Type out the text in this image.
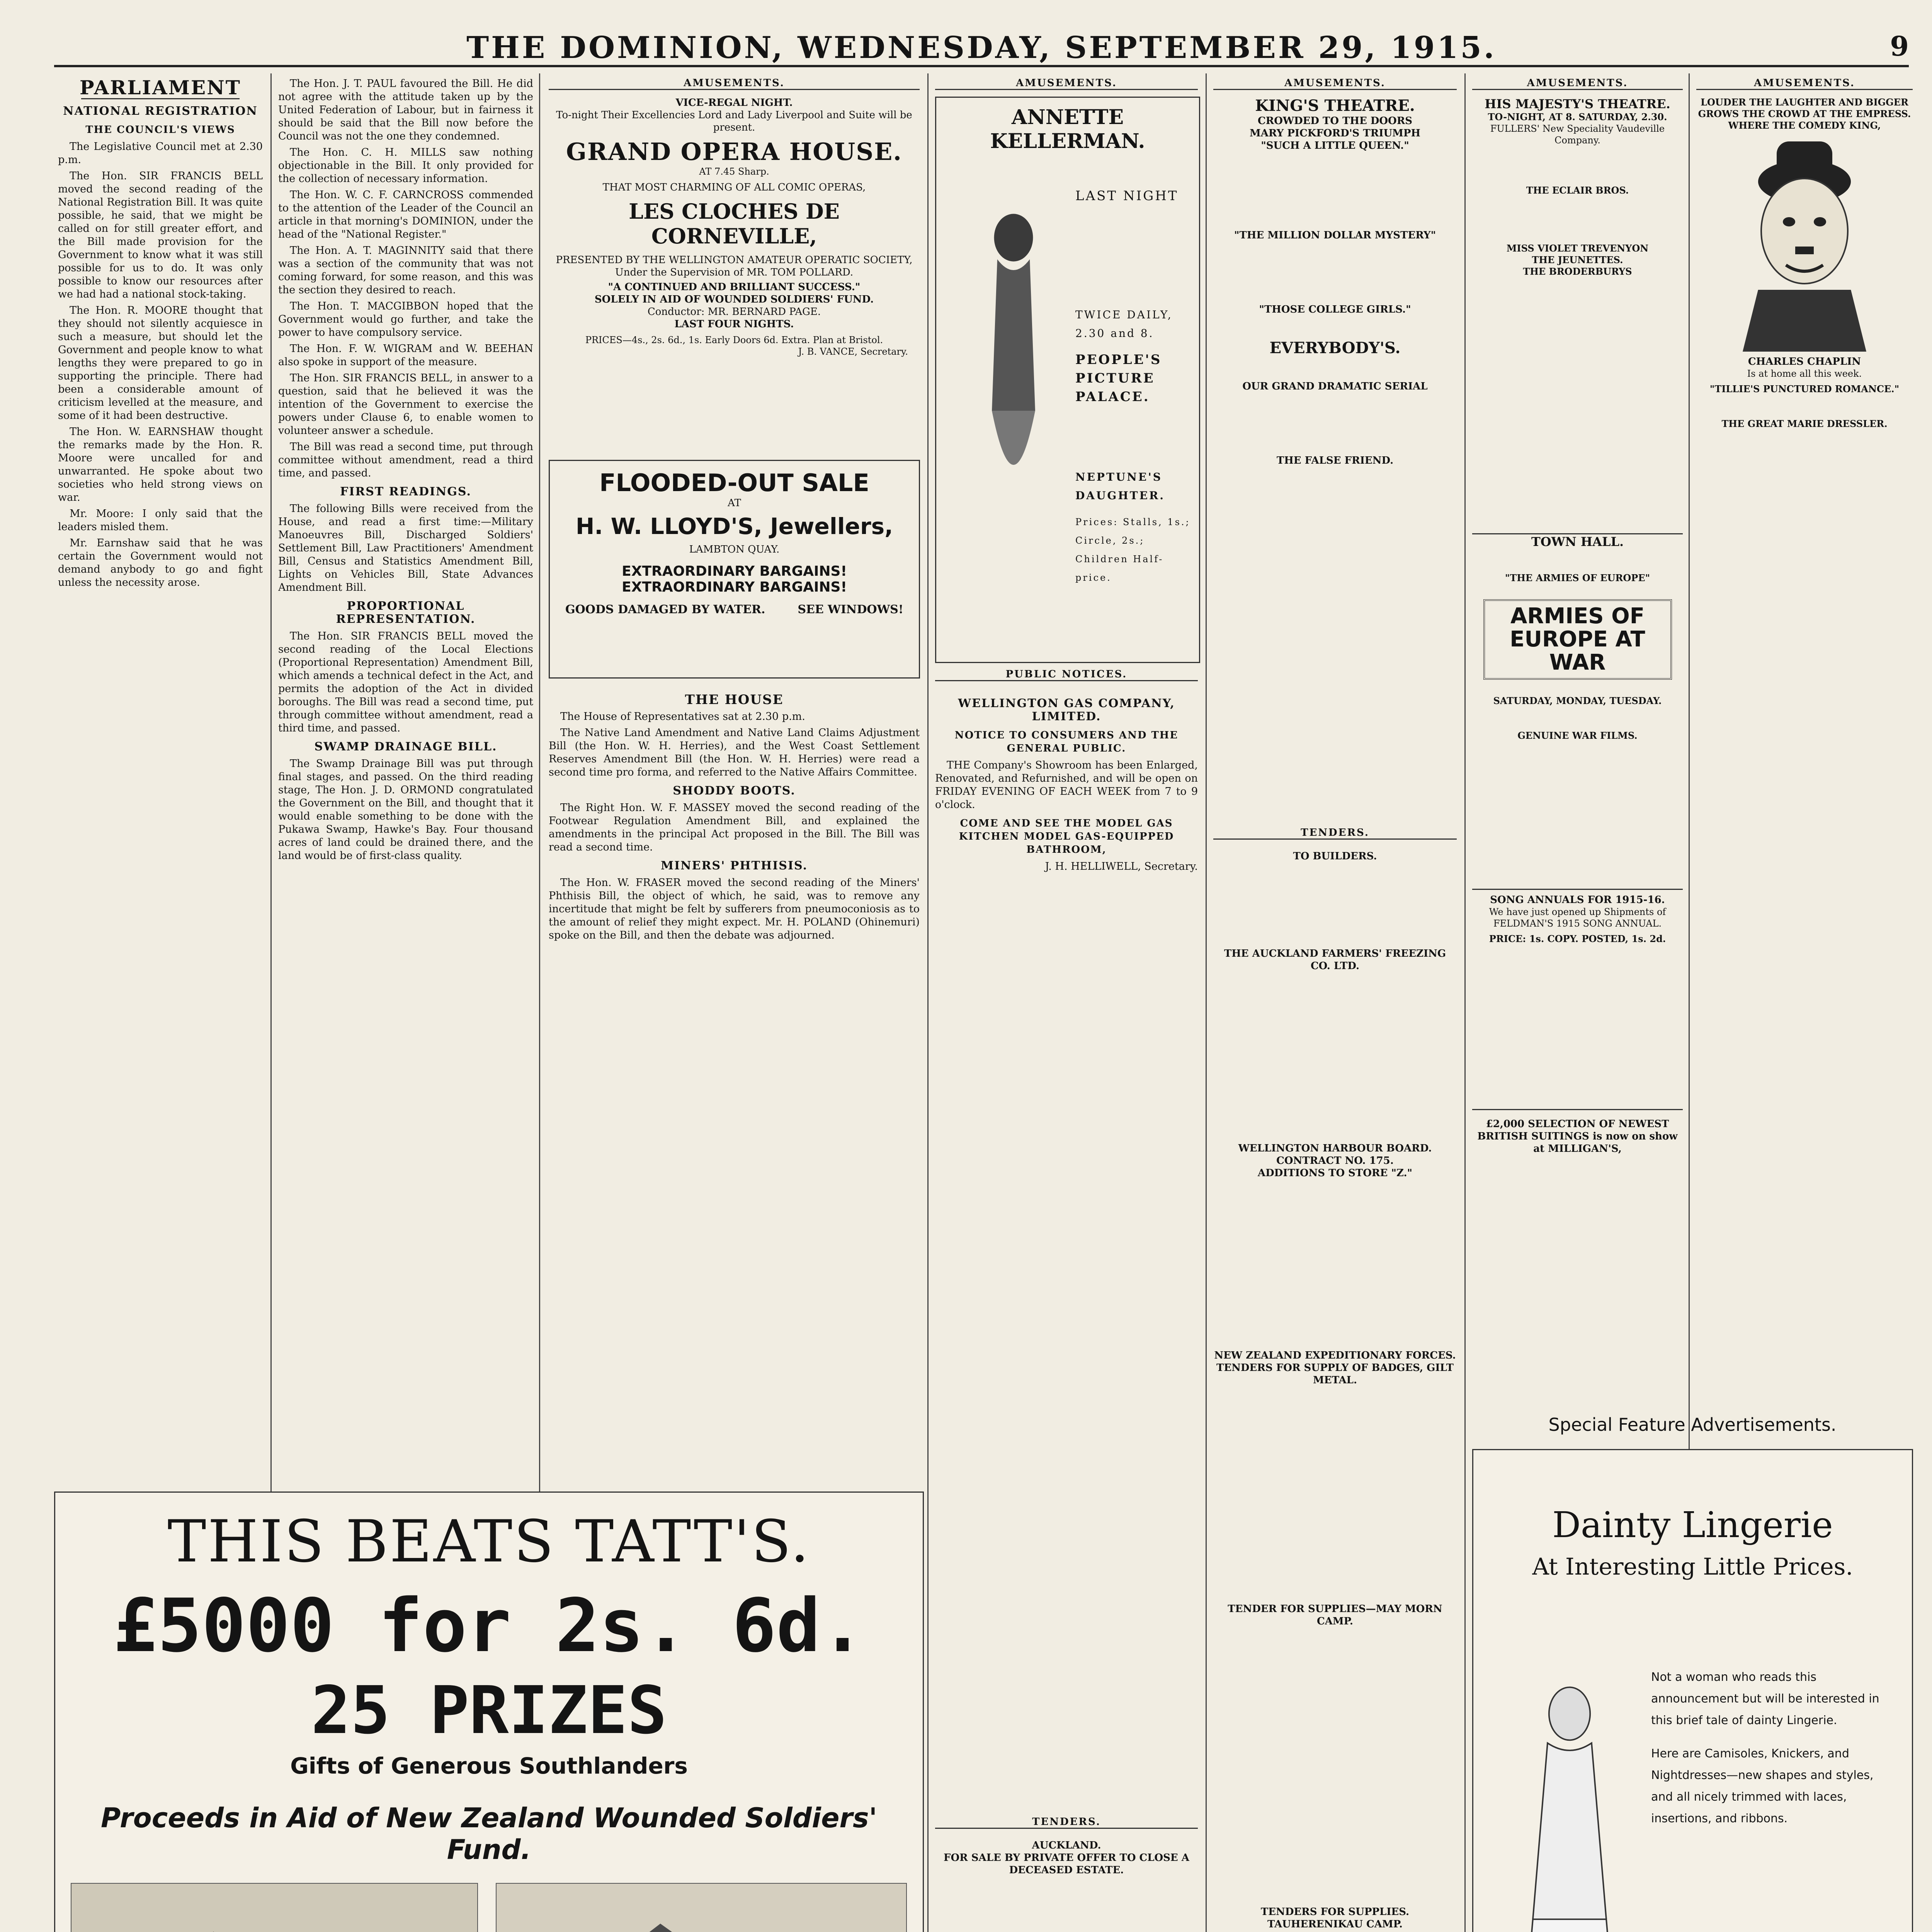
THE DOMINION, WEDNESDAY, SEPTEMBER 29, 1915.	9
PARLIAMENT
NATIONAL REGISTRATION
THE COUNCIL'S VIEWS

The Legislative Council met at 2.30 p.m.

The Hon. SIR FRANCIS BELL moved the second reading of the National Registration Bill. It was quite possible, he said, that we might be called on for still greater effort, and the Bill made provision for the Government to know what it was still possible for us to do. It was only possible to know our resources after we had had a national stock-taking.

The Hon. R. MOORE thought that they should not silently acquiesce in such a measure, but should let the Government and people know to what lengths they were prepared to go in supporting the principle. There had been a considerable amount of criticism levelled at the measure, and some of it had been destructive.

The Hon. W. EARNSHAW thought the remarks made by the Hon. R. Moore were uncalled for and unwarranted. He spoke about two societies who held strong views on war.

Mr. Moore: I only said that the leaders misled them.

Mr. Earnshaw said that he was certain the Government would not demand anybody to go and fight unless the necessity arose.

The Hon. J. T. PAUL favoured the Bill. He did not agree with the attitude taken up by the United Federation of Labour, but in fairness it should be said that the Bill now before the Council was not the one they condemned.

The Hon. C. H. MILLS saw nothing objectionable in the Bill. It only provided for the collection of necessary information.

The Hon. W. C. F. CARNCROSS commended to the attention of the Leader of the Council an article in that morning's DOMINION, under the head of the "National Register."

The Hon. A. T. MAGINNITY said that there was a section of the community that was not coming forward, for some reason, and this was the section they desired to reach.

The Hon. T. MACGIBBON hoped that the Government would go further, and take the power to have compulsory service.

The Hon. F. W. WIGRAM and W. BEEHAN also spoke in support of the measure.

The Hon. SIR FRANCIS BELL, in answer to a question, said that he believed it was the intention of the Government to exercise the powers under Clause 6, to enable women to volunteer answer a schedule.

The Bill was read a second time, put through committee without amendment, read a third time, and passed.

FIRST READINGS.

The following Bills were received from the House, and read a first time:—Military Manoeuvres Bill, Discharged Soldiers' Settlement Bill, Law Practitioners' Amendment Bill, Census and Statistics Amendment Bill, Lights on Vehicles Bill, State Advances Amendment Bill.

PROPORTIONAL REPRESENTATION.

The Hon. SIR FRANCIS BELL moved the second reading of the Local Elections (Proportional Representation) Amendment Bill, which amends a technical defect in the Act, and permits the adoption of the Act in divided boroughs. The Bill was read a second time, put through committee without amendment, read a third time, and passed.

SWAMP DRAINAGE BILL.

The Swamp Drainage Bill was put through final stages, and passed. On the third reading stage, The Hon. J. D. ORMOND congratulated the Government on the Bill, and thought that it would enable something to be done with the Pukawa Swamp, Hawke's Bay. Four thousand acres of land could be drained there, and the land would be of first-class quality.

AMUSEMENTS.
VICE-REGAL NIGHT.
To-night Their Excellencies Lord and Lady Liverpool and Suite will be present.
GRAND OPERA HOUSE.
AT 7.45 Sharp.
THAT MOST CHARMING OF ALL COMIC OPERAS,
LES CLOCHES DE CORNEVILLE,
PRESENTED BY THE WELLINGTON AMATEUR OPERATIC SOCIETY, Under the Supervision of MR. TOM POLLARD.
"A CONTINUED AND BRILLIANT SUCCESS."
SOLELY IN AID OF WOUNDED SOLDIERS' FUND.
Conductor: MR. BERNARD PAGE.
LAST FOUR NIGHTS.
PRICES—4s., 2s. 6d., 1s. Early Doors 6d. Extra. Plan at Bristol.
J. B. VANCE, Secretary.
FLOODED-OUT SALE
AT
H. W. LLOYD'S, Jewellers,
LAMBTON QUAY.
EXTRAORDINARY BARGAINS!
EXTRAORDINARY BARGAINS!
GOODS DAMAGED BY WATER.	SEE WINDOWS!
THE HOUSE

The House of Representatives sat at 2.30 p.m.

The Native Land Amendment and Native Land Claims Adjustment Bill (the Hon. W. H. Herries), and the West Coast Settlement Reserves Amendment Bill (the Hon. W. H. Herries) were read a second time pro forma, and referred to the Native Affairs Committee.

SHODDY BOOTS.

The Right Hon. W. F. MASSEY moved the second reading of the Footwear Regulation Amendment Bill, and explained the amendments in the principal Act proposed in the Bill. The Bill was read a second time.

MINERS' PHTHISIS.

The Hon. W. FRASER moved the second reading of the Miners' Phthisis Bill, the object of which, he said, was to remove any incertitude that might be felt by sufferers from pneumoconiosis as to the amount of relief they might expect. Mr. H. POLAND (Ohinemuri) spoke on the Bill, and then the debate was adjourned.

THIS BEATS TATT'S.
£5000 for 2s. 6d.
25 PRIZES
Gifts of Generous Southlanders
Proceeds in Aid of New Zealand Wounded Soldiers' Fund.
AMUSEMENTS.
ANNETTE KELLERMAN.
LAST NIGHT
TWICE DAILY, 2.30 and 8.
PEOPLE'S PICTURE PALACE.
NEPTUNE'S DAUGHTER.
Prices: Stalls, 1s.; Circle, 2s.; Children Half-price.
PUBLIC NOTICES.
WELLINGTON GAS COMPANY, LIMITED.
NOTICE TO CONSUMERS AND THE GENERAL PUBLIC.

THE Company's Showroom has been Enlarged, Renovated, and Refurnished, and will be open on FRIDAY EVENING OF EACH WEEK from 7 to 9 o'clock.

COME AND SEE THE MODEL GAS KITCHEN MODEL GAS-EQUIPPED BATHROOM,

J. H. HELLIWELL, Secretary.

TENDERS.
AUCKLAND.
FOR SALE BY PRIVATE OFFER TO CLOSE A DECEASED ESTATE.
AMUSEMENTS.
KING'S THEATRE.
CROWDED TO THE DOORS
MARY PICKFORD'S TRIUMPH
"SUCH A LITTLE QUEEN."
"THE MILLION DOLLAR MYSTERY"
"THOSE COLLEGE GIRLS."
EVERYBODY'S.
OUR GRAND DRAMATIC SERIAL
THE FALSE FRIEND.
TENDERS.
TO BUILDERS.
THE AUCKLAND FARMERS' FREEZING CO. LTD.
WELLINGTON HARBOUR BOARD. CONTRACT NO. 175.
ADDITIONS TO STORE "Z."
NEW ZEALAND EXPEDITIONARY FORCES.
TENDERS FOR SUPPLY OF BADGES, GILT METAL.
TENDER FOR SUPPLIES—MAY MORN CAMP.
TENDERS FOR SUPPLIES.
TAUHERENIKAU CAMP.
AMUSEMENTS.
HIS MAJESTY'S THEATRE.
TO-NIGHT, AT 8. SATURDAY, 2.30.
FULLERS' New Speciality Vaudeville Company.
THE ECLAIR BROS.
MISS VIOLET TREVENYON
THE JEUNETTES.
THE BRODERBURYS
TOWN HALL.
"THE ARMIES OF EUROPE"
ARMIES OF EUROPE AT WAR
SATURDAY, MONDAY, TUESDAY.
GENUINE WAR FILMS.
SONG ANNUALS FOR 1915-16.
We have just opened up Shipments of FELDMAN'S 1915 SONG ANNUAL.
PRICE: 1s. COPY. POSTED, 1s. 2d.
£2,000 SELECTION OF NEWEST BRITISH SUITINGS is now on show at MILLIGAN'S,
AMUSEMENTS.
LOUDER THE LAUGHTER AND BIGGER GROWS THE CROWD AT THE EMPRESS.
WHERE THE COMEDY KING,
CHARLES CHAPLIN
Is at home all this week.
"TILLIE'S PUNCTURED ROMANCE."
THE GREAT MARIE DRESSLER.
Special Feature Advertisements.
Dainty Lingerie
At Interesting Little Prices.
Not a woman who reads this announcement but will be interested in this brief tale of dainty Lingerie.
Here are Camisoles, Knickers, and Nightdresses—new shapes and styles, and all nicely trimmed with laces, insertions, and ribbons.
